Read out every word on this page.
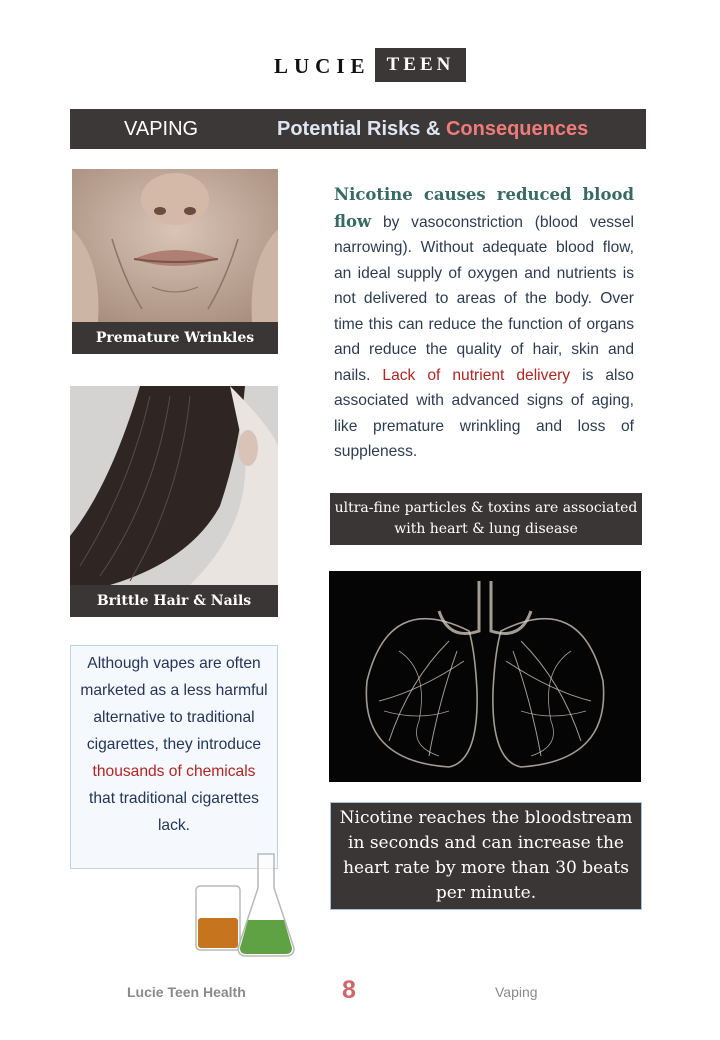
LUCIE TEEN
VAPING	Potential Risks & Consequences
Premature Wrinkles
Brittle Hair & Nails
Nicotine causes reduced blood flow by vasoconstriction (blood vessel narrowing). Without adequate blood flow, an ideal supply of oxygen and nutrients is not delivered to areas of the body. Over time this can reduce the function of organs and reduce the quality of hair, skin and nails. Lack of nutrient delivery is also associated with advanced signs of aging, like premature wrinkling and loss of suppleness.
ultra-fine particles & toxins are associated with heart & lung disease
Nicotine reaches the bloodstream in seconds and can increase the heart rate by more than 30 beats per minute.
Although vapes are often marketed as a less harmful alternative to traditional cigarettes, they introduce
thousands of chemicals
that traditional cigarettes lack.
Lucie Teen Health	8	Vaping
